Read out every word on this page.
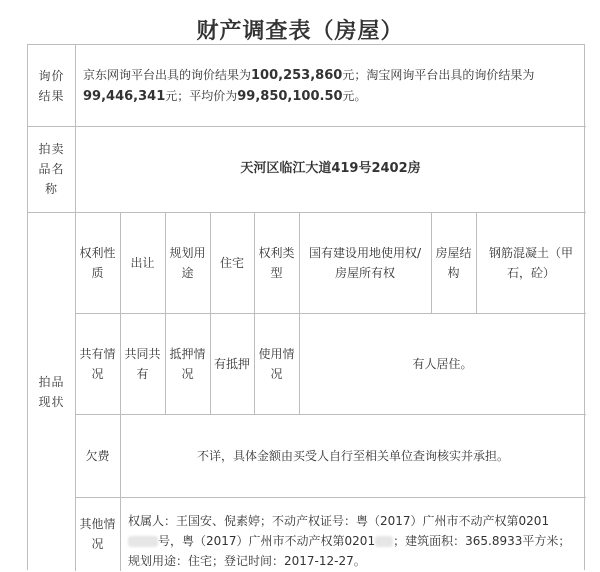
财产调查表（房屋）
询价结果
京东网询平台出具的询价结果为100,253,860元；淘宝网询平台出具的询价结果为99,446,341元；平均价为99,850,100.50元。
拍卖品名称
天河区临江大道419号2402房
拍品现状
权利性质
出让
规划用途
住宅
权利类型
国有建设用地使用权/房屋所有权
房屋结构
钢筋混凝土（甲石，砼）
共有情况
共同共有
抵押情况
有抵押
使用情况
有人居住。
欠费	不详，具体金额由买受人自行至相关单位查询核实并承担。
其他情况
权属人：王国安、倪素婷；不动产权证号：粤（2017）广州市不动产权第0201号，粤（2017）广州市不动产权第0201 ；建筑面积：365.8933平方米；规划用途：住宅；登记时间：2017-12-27。
